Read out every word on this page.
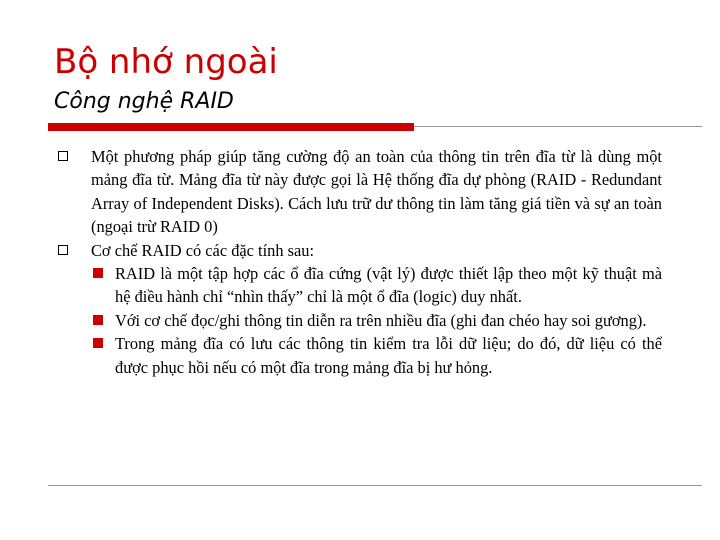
Bộ nhớ ngoài
Công nghệ RAID
Một phương pháp giúp tăng cường độ an toàn của thông tin trên đĩa từ là dùng một mảng đĩa từ. Mảng đĩa từ này được gọi là Hệ thống đĩa dự phòng (RAID - Redundant Array of Independent Disks). Cách lưu trữ dư thông tin làm tăng giá tiền và sự an toàn (ngoại trừ RAID 0)
Cơ chế RAID có các đặc tính sau:
RAID là một tập hợp các ổ đĩa cứng (vật lý) được thiết lập theo một kỹ thuật mà hệ điều hành chỉ “nhìn thấy” chỉ là một ổ đĩa (logic) duy nhất.
Với cơ chế đọc/ghi thông tin diễn ra trên nhiều đĩa (ghi đan chéo hay soi gương).
Trong mảng đĩa có lưu các thông tin kiểm tra lỗi dữ liệu; do đó, dữ liệu có thể được phục hồi nếu có một đĩa trong mảng đĩa bị hư hỏng.
